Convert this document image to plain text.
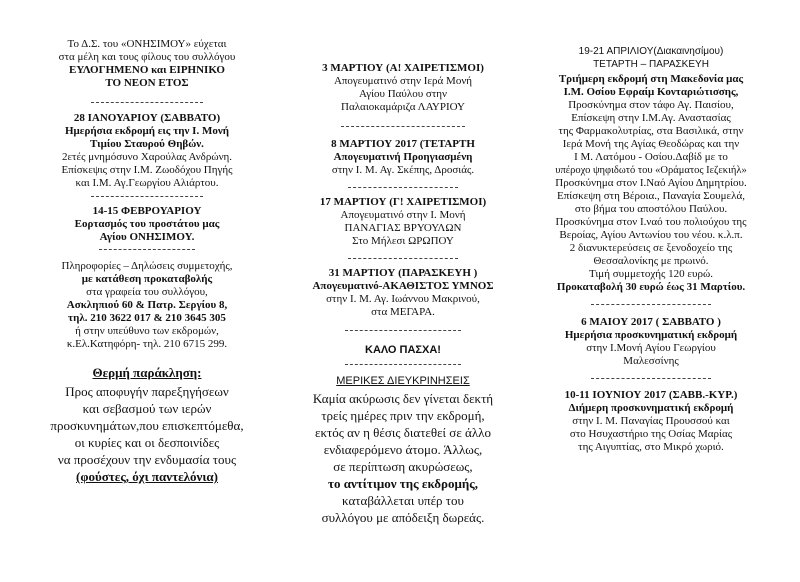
Το Δ.Σ. του «ΟΝΗΣΙΜΟΥ» εύχεται
στα μέλη και τους φίλους του συλλόγου
ΕΥΛΟΓΗΜΕΝΟ και ΕΙΡΗΝΙΚΟ
ΤΟ ΝΕΟΝ ΕΤΟΣ
28 ΙΑΝΟΥΑΡΙΟΥ (ΣΑΒΒΑΤΟ)
Ημερήσια εκδρομή εις την Ι. Μονή
Τιμίου Σταυρού Θηβών.
2ετές μνημόσυνο Χαρούλας Ανδρώνη.
Επίσκεψις στην Ι.Μ. Ζωοδόχου Πηγής
και Ι.Μ. Αγ.Γεωργίου Αλιάρτου.
14-15 ΦΕΒΡΟΥΑΡΙΟΥ
Εορτασμός του προστάτου μας
Αγίου ΟΝΗΣΙΜΟΥ.
Πληροφορίες – Δηλώσεις συμμετοχής,
με κατάθεση προκαταβολής
στα γραφεία του συλλόγου,
Ασκληπιού 60 & Πατρ. Σεργίου 8,
τηλ. 210 3622 017 & 210 3645 305
ή στην υπεύθυνο των εκδρομών,
κ.Ελ.Κατηφόρη- τηλ. 210 6715 299.
Θερμή παράκληση:
Προς αποφυγήν παρεξηγήσεων
και σεβασμού των ιερών
προσκυνημάτων,που επισκεπτόμεθα,
οι κυρίες και οι δεσποινίδες
να προσέχουν την ενδυμασία τους
(φούστες, όχι παντελόνια)
3 ΜΑΡΤΙΟΥ (Α! ΧΑΙΡΕΤΙΣΜΟΙ)
Απογευματινό στην Ιερά Μονή
Αγίου Παύλου στην
Παλαιοκαμάριζα ΛΑΥΡΙΟΥ
8 ΜΑΡΤΙΟΥ 2017 (ΤΕΤΑΡΤΗ
Απογευματινή Προηγιασμένη
στην Ι. Μ. Αγ. Σκέπης, Δροσιάς.
17 ΜΑΡΤΙΟΥ (Γ! ΧΑΙΡΕΤΙΣΜΟΙ)
Απογευματινό στην Ι. Μονή
ΠΑΝΑΓΙΑΣ ΒΡΥΟΥΛΩΝ
Στο Μήλεσι ΩΡΩΠΟΥ
31 ΜΑΡΤΙΟΥ (ΠΑΡΑΣΚΕΥΗ )
Απογευματινό-ΑΚΑΘΙΣΤΟΣ ΥΜΝΟΣ
στην Ι. Μ. Αγ. Ιωάννου Μακρινού,
στα ΜΕΓΑΡΑ.
ΚΑΛΟ ΠΑΣΧΑ!
ΜΕΡΙΚΕΣ ΔΙΕΥΚΡΙΝΗΣΕΙΣ
Καμία ακύρωσις δεν γίνεται δεκτή
τρείς ημέρες πριν την εκδρομή,
εκτός αν η θέσις διατεθεί σε άλλο
ενδιαφερόμενο άτομο. Άλλως,
σε περίπτωση ακυρώσεως,
το αντίτιμον της εκδρομής,
καταβάλλεται υπέρ του
συλλόγου με απόδειξη δωρεάς.
19-21 ΑΠΡΙΛΙΟΥ(Διακαινησίμου)
ΤΕΤΑΡΤΗ – ΠΑΡΑΣΚΕΥΗ
Τριήμερη εκδρομή στη Μακεδονία μας
Ι.Μ. Οσίου Εφραίμ Κονταριώτισσης,
Προσκύνημα στον τάφο Αγ. Παισίου,
Επίσκεψη στην Ι.Μ.Αγ. Αναστασίας
της Φαρμακολυτρίας, στα Βασιλικά, στην
Ιερά Μονή της Αγίας Θεοδώρας και την
Ι Μ. Λατόμου - Οσίου.Δαβίδ με το
υπέροχο ψηφιδωτό του «Οράματος Ιεζεκιήλ»
Προσκύνημα στον Ι.Ναό Αγίου Δημητρίου.
Επίσκεψη στη Βέροια., Παναγία Σουμελά,
στο βήμα του αποστόλου Παύλου.
Προσκύνημα στον Ι.ναό του πολιούχου της
Βεροίας, Αγίου Αντωνίου του νέου. κ.λ.π.
2 διανυκτερεύσεις σε ξενοδοχείο της
Θεσσαλονίκης με πρωινό.
Τιμή συμμετοχής 120 ευρώ.
Προκαταβολή 30 ευρώ έως 31 Μαρτίου.
6 ΜΑΙΟΥ 2017 ( ΣΑΒΒΑΤΟ )
Ημερήσια προσκυνηματική εκδρομή
στην Ι.Μονή Αγίου Γεωργίου
Μαλεσσίνης
10-11 ΙΟΥΝΙΟΥ 2017 (ΣΑΒΒ.-ΚΥΡ.)
Διήμερη προσκυνηματική εκδρομή
στην Ι. Μ. Παναγίας Προυσσού και
στο Ησυχαστήριο της Οσίας Μαρίας
της Αιγυπτίας, στο Μικρό χωριό.
